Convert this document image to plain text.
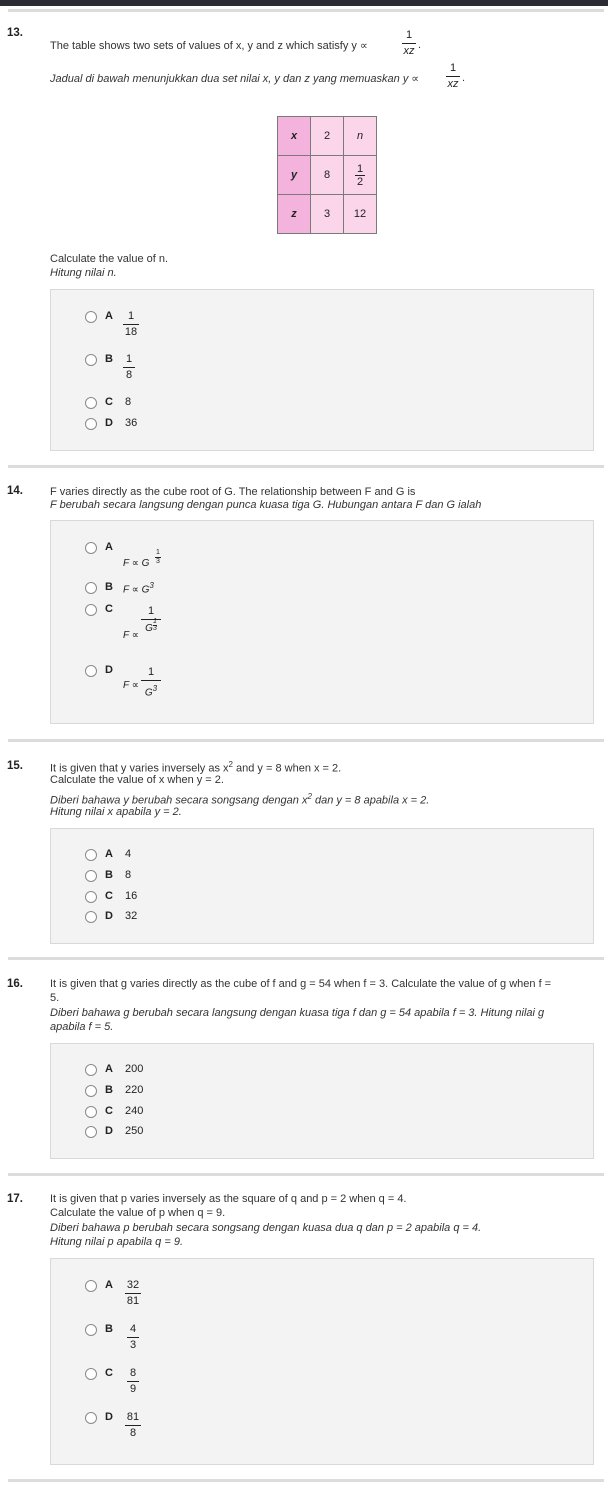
13.
The table shows two sets of values of x, y and z which satisfy y ∝
1
xz .
Jadual di bawah menunjukkan dua set nilai x, y dan z yang memuaskan y ∝
1
xz .
x	2	n
y	8	$\frac{1}{2}$

z	3	12
Calculate the value of n.
Hitung nilai n.
A	1
18
B 1
8
C 8
D 36
14. F varies directly as the cube root of G. The relationship between F and G is
F berubah secara langsung dengan punca kuasa tiga G. Hubungan antara F dan G ialah
A
F ∝ G
1
3
B $F \propto G^3$
C
F ∝
1
G $\frac{1}{3}$
D
F ∝
1
$G^3$
15. It is given that y varies inversely as $x^2$ and y = 8 when x = 2.
Calculate the value of x when y = 2.
Diberi bahawa y berubah secara songsang dengan $x^2$ dan y = 8 apabila x = 2.
Hitung nilai x apabila y = 2.
A 4
B 8
C 16
D 32
16. It is given that g varies directly as the cube of f and g = 54 when f = 3. Calculate the value of g when f =
5.
Diberi bahawa g berubah secara langsung dengan kuasa tiga f dan g = 54 apabila f = 3. Hitung nilai g
apabila f = 5.
A 200
B 220
C 240
D 250
17. It is given that p varies inversely as the square of q and p = 2 when q = 4.
Calculate the value of p when q = 9.
Diberi bahawa p berubah secara songsang dengan kuasa dua q dan p = 2 apabila q = 4.
Hitung nilai p apabila q = 9.
A 32
81
B 4
3
C 8
9
D 81
8
